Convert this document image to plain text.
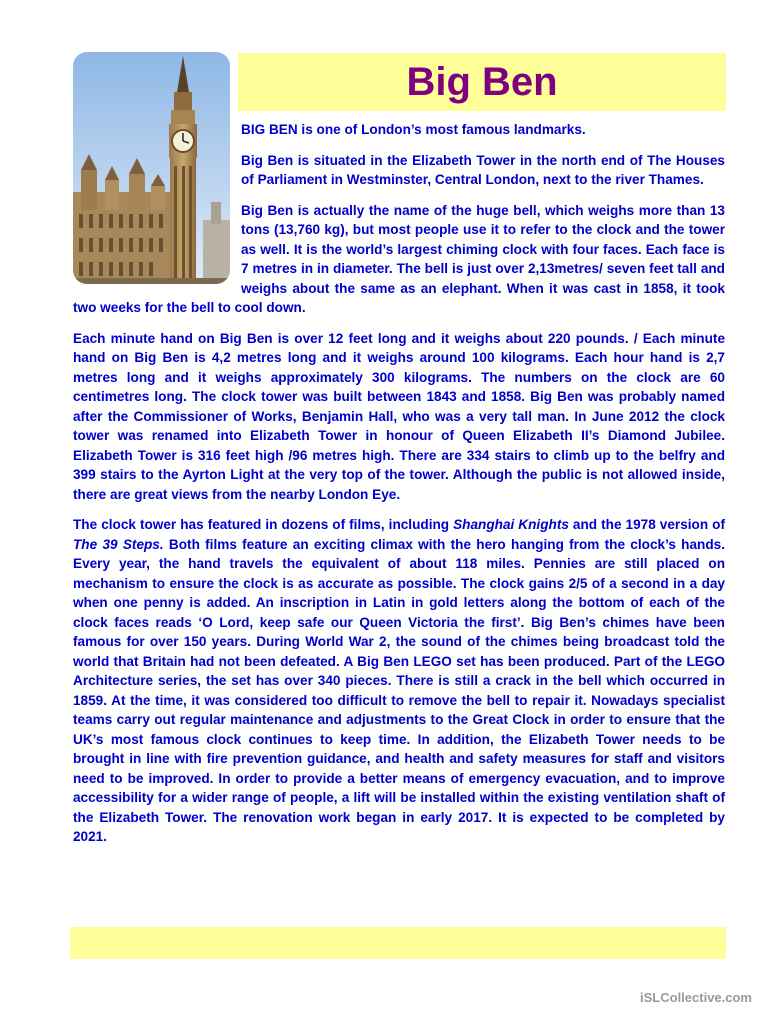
Big Ben

BIG BEN is one of London’s most famous landmarks.

Big Ben is situated in the Elizabeth Tower in the north end of The Houses of Parliament in Westminster, Central London, next to the river Thames.

Big Ben is actually the name of the huge bell, which weighs more than 13 tons (13,760 kg), but most people use it to refer to the clock and the tower as well. It is the world’s largest chiming clock with four faces. Each face is 7 metres in in diameter. The bell is just over 2,13metres/ seven feet tall and weighs about the same as an elephant. When it was cast in 1858, it took two weeks for the bell to cool down.

Each minute hand on Big Ben is over 12 feet long and it weighs about 220 pounds. / Each minute hand on Big Ben is 4,2 metres long and it weighs around 100 kilograms. Each hour hand is 2,7 metres long and it weighs approximately 300 kilograms. The numbers on the clock are 60 centimetres long. The clock tower was built between 1843 and 1858. Big Ben was probably named after the Commissioner of Works, Benjamin Hall, who was a very tall man. In June 2012 the clock tower was renamed into Elizabeth Tower in honour of Queen Elizabeth II’s Diamond Jubilee. Elizabeth Tower is 316 feet high /96 metres high. There are 334 stairs to climb up to the belfry and 399 stairs to the Ayrton Light at the very top of the tower. Although the public is not allowed inside, there are great views from the nearby London Eye.

The clock tower has featured in dozens of films, including Shanghai Knights and the 1978 version of The 39 Steps. Both films feature an exciting climax with the hero hanging from the clock’s hands. Every year, the hand travels the equivalent of about 118 miles. Pennies are still placed on mechanism to ensure the clock is as accurate as possible. The clock gains 2/5 of a second in a day when one penny is added. An inscription in Latin in gold letters along the bottom of each of the clock faces reads ‘O Lord, keep safe our Queen Victoria the first’. Big Ben’s chimes have been famous for over 150 years. During World War 2, the sound of the chimes being broadcast told the world that Britain had not been defeated. A Big Ben LEGO set has been produced. Part of the LEGO Architecture series, the set has over 340 pieces. There is still a crack in the bell which occurred in 1859. At the time, it was considered too difficult to remove the bell to repair it. Nowadays specialist teams carry out regular maintenance and adjustments to the Great Clock in order to ensure that the UK’s most famous clock continues to keep time. In addition, the Elizabeth Tower needs to be brought in line with fire prevention guidance, and health and safety measures for staff and visitors need to be improved. In order to provide a better means of emergency evacuation, and to improve accessibility for a wider range of people, a lift will be installed within the existing ventilation shaft of the Elizabeth Tower. The renovation work began in early 2017. It is expected to be completed by 2021.

iSLCollective.com
